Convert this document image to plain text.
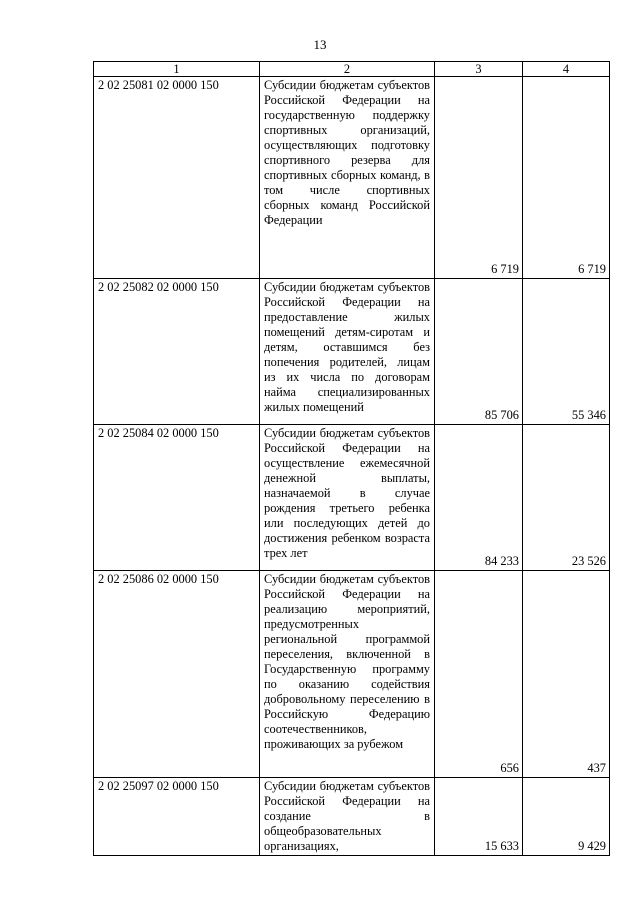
13
1	2	3	4
2 02 25081 02 0000 150	Субсидии бюджетам субъектов Российской Федерации на государственную поддержку спортивных организаций, осуществляющих подготовку спортивного резерва для спортивных сборных команд, в том числе спортивных сборных команд Российской Федерации	6 719	6 719
2 02 25082 02 0000 150	Субсидии бюджетам субъектов Российской Федерации на предоставление жилых помещений детям-сиротам и детям, оставшимся без попечения родителей, лицам из их числа по договорам найма специализированных жилых помещений	85 706	55 346
2 02 25084 02 0000 150	Субсидии бюджетам субъектов Российской Федерации на осуществление ежемесячной денежной выплаты, назначаемой в случае рождения третьего ребенка или последующих детей до достижения ребенком возраста трех лет	84 233	23 526
2 02 25086 02 0000 150	Субсидии бюджетам субъектов Российской Федерации на реализацию мероприятий, предусмотренных региональной программой переселения, включенной в Государственную программу по оказанию содействия добровольному переселению в Российскую Федерацию соотечественников, проживающих за рубежом	656	437
2 02 25097 02 0000 150	Субсидии бюджетам субъектов Российской Федерации на создание в общеобразовательных организациях,	15 633	9 429
